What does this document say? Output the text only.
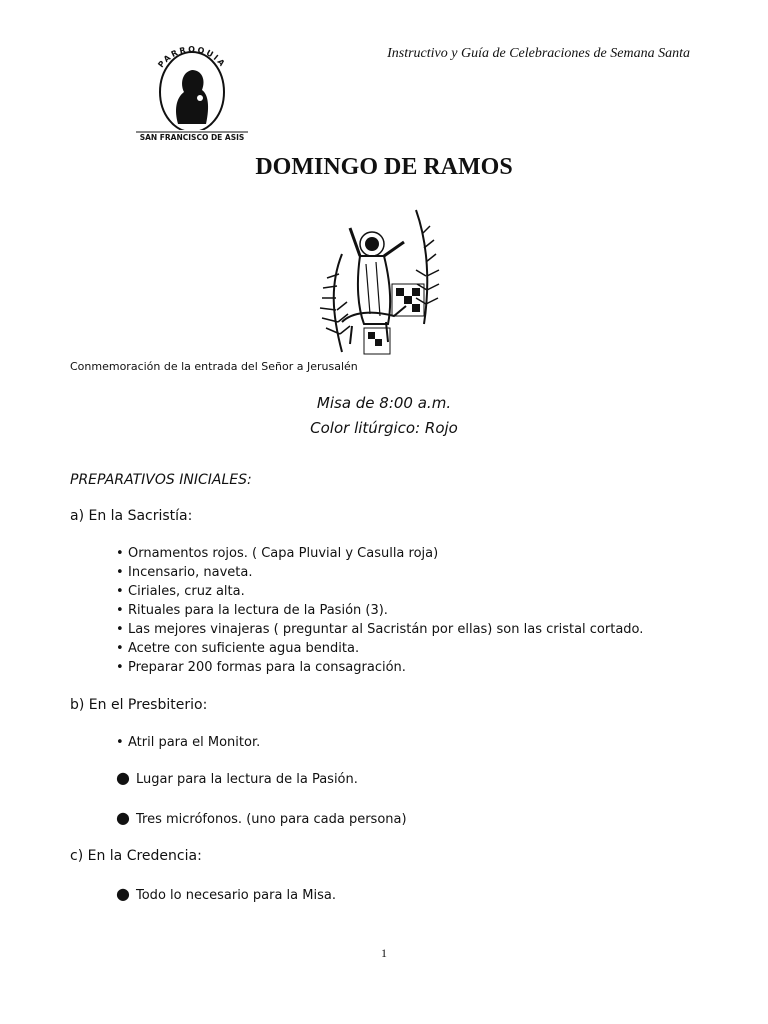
Instructivo y Guía de Celebraciones de Semana Santa
PARROQUIA
SAN FRANCISCO DE ASIS
DOMINGO DE RAMOS
Conmemoración de la entrada del Señor a Jerusalén
Misa de 8:00 a.m.
Color litúrgico: Rojo
PREPARATIVOS INICIALES:
a) En la Sacristía:
• Ornamentos rojos. ( Capa Pluvial y Casulla roja)
• Incensario, naveta.
• Ciriales, cruz alta.
• Rituales para la lectura de la Pasión (3).
• Las mejores vinajeras ( preguntar al Sacristán por ellas) son las cristal cortado.
• Acetre con suficiente agua bendita.
• Preparar 200 formas para la consagración.
b) En el Presbiterio:
• Atril para el Monitor.
● Lugar para la lectura de la Pasión.
● Tres micrófonos. (uno para cada persona)
c) En la Credencia:
● Todo lo necesario para la Misa.
1
